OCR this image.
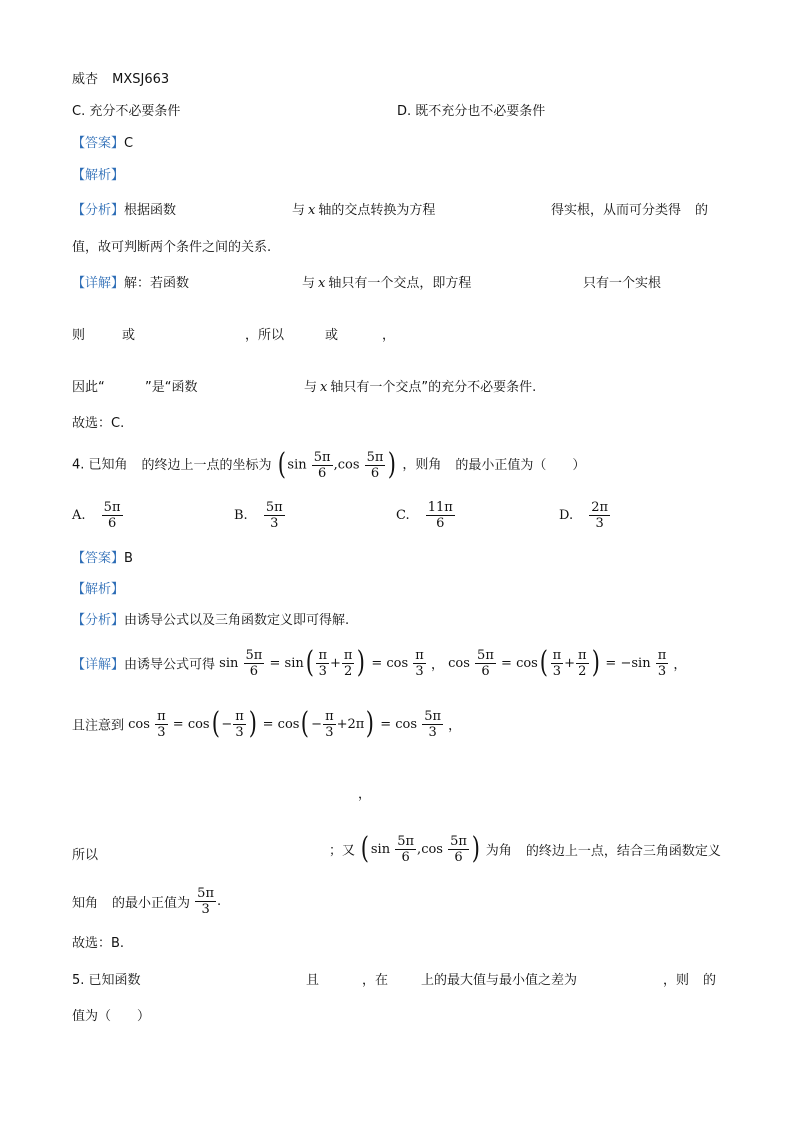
威杏 MXSJ663
C. 充分不必要条件	D. 既不充分也不必要条件
【答案】C
【解析】
【分析】根据函数	与 x 轴的交点转换为方程	得实根，从而可分类得 的
值，故可判断两个条件之间的关系.
【详解】解：若函数	与 x 轴只有一个交点，即方程	只有一个实根
则	或	，所以	或	，
因此“	”是“函数	与 x 轴只有一个交点”的充分不必要条件.
故选：C.
4. 已知角 的终边上一点的坐标为 ( $\sin \frac{5\pi}{6} ,\cos \frac{5\pi}{6}$ ) ，则角 的最小正值为（　　）
A. $\frac{5\pi}{6}$	B. $\frac{5\pi}{3}$	C. $\frac{11\pi}{6}$	D. $\frac{2\pi}{3}$
【答案】B
【解析】
【分析】由诱导公式以及三角函数定义即可得解.
【详解】由诱导公式可得 $\sin \frac{5\pi}{6} = \sin( \frac{\pi}{3} + \frac{\pi}{2}$ ) = $\cos \frac{\pi}{3}$ ， $\cos \frac{5\pi}{6} = \cos( \frac{\pi}{3} + \frac{\pi}{2}$ ) = $-\sin \frac{\pi}{3}$ ，
且注意到 $\cos \frac{\pi}{3} = \cos( - \frac{\pi}{3}$ ) = $\cos( - \frac{\pi}{3} +2\pi) = \cos \frac{5\pi}{3}$ ，
，
所以	；又 ( $\sin \frac{5\pi}{6} ,\cos \frac{5\pi}{6}$ ) 为角 的终边上一点，结合三角函数定义
知角 的最小正值为 $\frac{5\pi}{3}$ .
故选：B.
5. 已知函数	且	，在	上的最大值与最小值之差为	，则 的
值为（　　）
